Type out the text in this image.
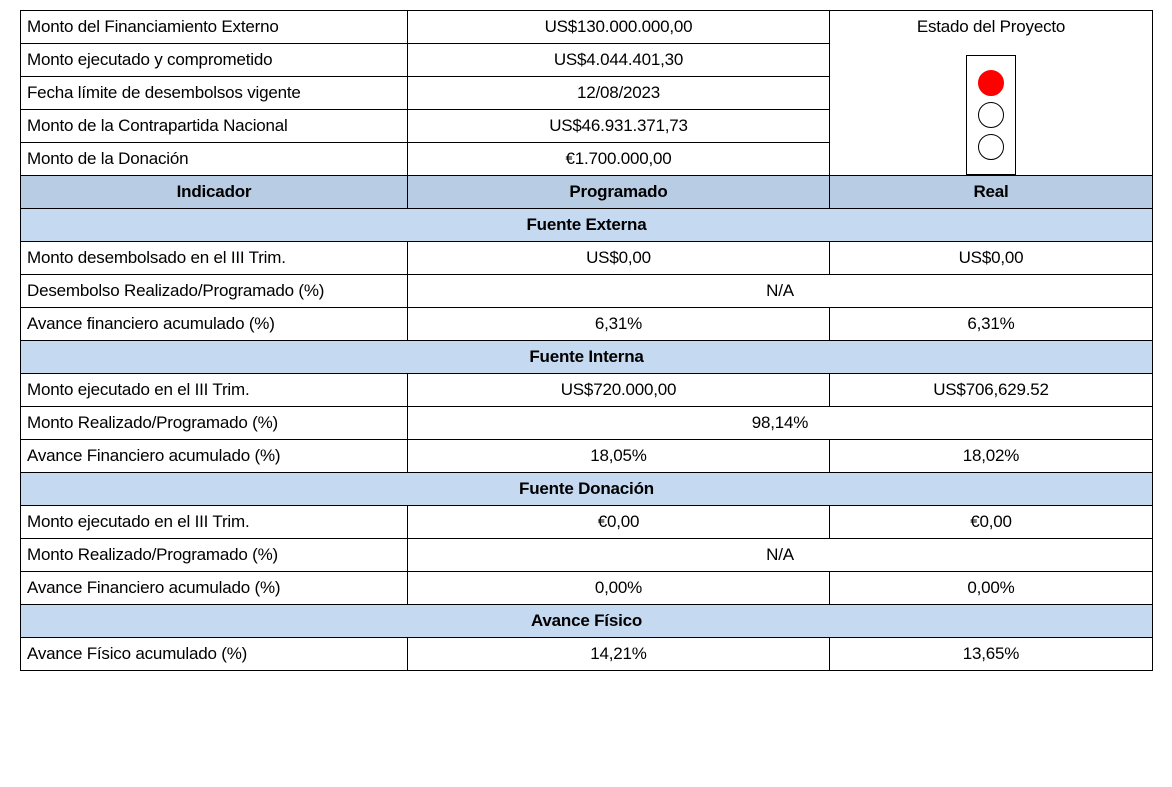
Monto del Financiamiento Externo	US$130.000.000,00	Estado del Proyecto

Monto ejecutado y comprometido	US$4.044.401,30	
Fecha límite de desembolsos vigente	12/08/2023	
Monto de la Contrapartida Nacional	US$46.931.371,73	
Monto de la Donación	€1.700.000,00	
Indicador	Programado	Real
Fuente Externa		
Monto desembolsado en el III Trim.	US$0,00	US$0,00
Desembolso Realizado/Programado (%)	N/A	
Avance financiero acumulado (%)	6,31%	6,31%
Fuente Interna		
Monto ejecutado en el III Trim.	US$720.000,00	US$706,629.52
Monto Realizado/Programado (%)	98,14%	
Avance Financiero acumulado (%)	18,05%	18,02%
Fuente Donación		
Monto ejecutado en el III Trim.	€0,00	€0,00
Monto Realizado/Programado (%)	N/A	
Avance Financiero acumulado (%)	0,00%	0,00%
Avance Físico		
Avance Físico acumulado (%)	14,21%	13,65%
